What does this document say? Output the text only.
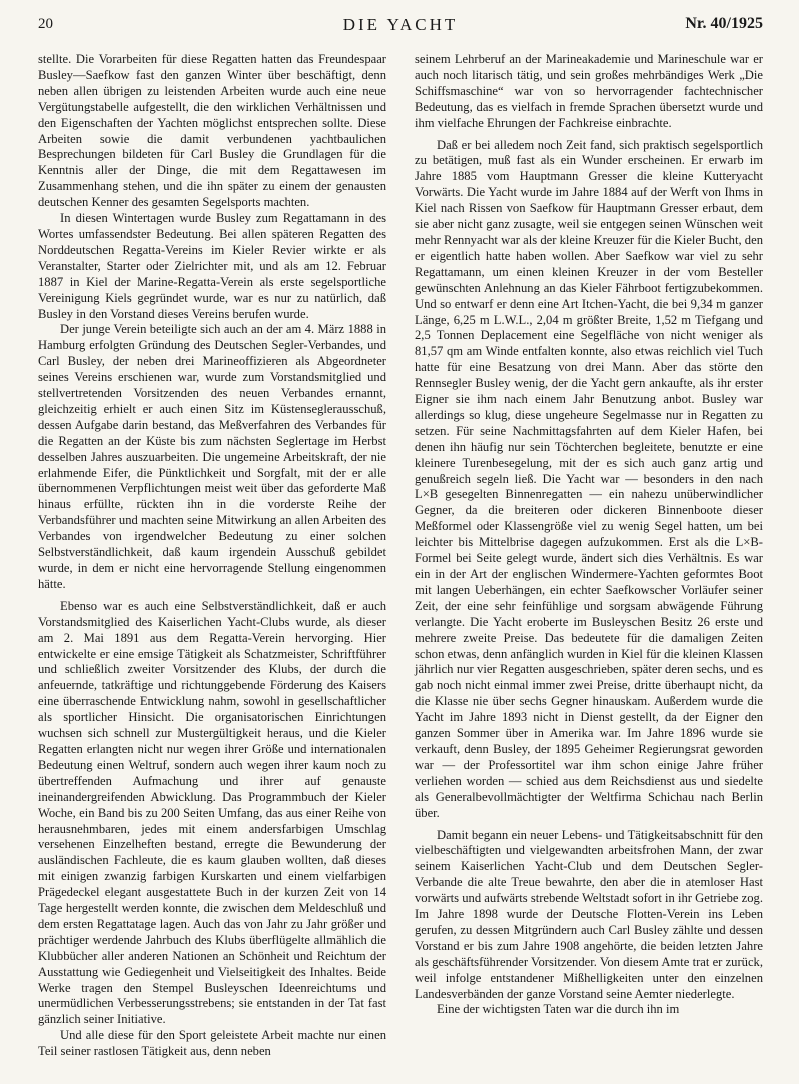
20	DIE YACHT	Nr. 40/1925

stellte. Die Vorarbeiten für diese Regatten hatten das Freundespaar Busley—Saefkow fast den ganzen Winter über beschäftigt, denn neben allen übrigen zu leistenden Arbeiten wurde auch eine neue Vergütungstabelle aufgestellt, die den wirklichen Verhältnissen und den Eigenschaften der Yachten möglichst entsprechen sollte. Diese Arbeiten sowie die damit verbundenen yachtbaulichen Besprechungen bildeten für Carl Busley die Grundlagen für die Kenntnis aller der Dinge, die mit dem Regattawesen im Zusammenhang stehen, und die ihn später zu einem der genausten deutschen Kenner des gesamten Segelsports machten.

In diesen Wintertagen wurde Busley zum Regattamann in des Wortes umfassendster Bedeutung. Bei allen späteren Regatten des Norddeutschen Regatta-Vereins im Kieler Revier wirkte er als Veranstalter, Starter oder Zielrichter mit, und als am 12. Februar 1887 in Kiel der Marine-Regatta-Verein als erste segelsportliche Vereinigung Kiels gegründet wurde, war es nur zu natürlich, daß Busley in den Vorstand dieses Vereins berufen wurde.

Der junge Verein beteiligte sich auch an der am 4. März 1888 in Hamburg erfolgten Gründung des Deutschen Segler-Verbandes, und Carl Busley, der neben drei Marineoffizieren als Abgeordneter seines Vereins erschienen war, wurde zum Vorstandsmitglied und stellvertretenden Vorsitzenden des neuen Verbandes ernannt, gleichzeitig erhielt er auch einen Sitz im Küstenseglerausschuß, dessen Aufgabe darin bestand, das Meßverfahren des Verbandes für die Regatten an der Küste bis zum nächsten Seglertage im Herbst desselben Jahres auszuarbeiten. Die ungemeine Arbeitskraft, der nie erlahmende Eifer, die Pünktlichkeit und Sorgfalt, mit der er alle übernommenen Verpflichtungen meist weit über das geforderte Maß hinaus erfüllte, rückten ihn in die vorderste Reihe der Verbandsführer und machten seine Mitwirkung an allen Arbeiten des Verbandes von irgendwelcher Bedeutung zu einer solchen Selbstverständlichkeit, daß kaum irgendein Ausschuß gebildet wurde, in dem er nicht eine hervorragende Stellung eingenommen hätte.

Ebenso war es auch eine Selbstverständlichkeit, daß er auch Vorstandsmitglied des Kaiserlichen Yacht-Clubs wurde, als dieser am 2. Mai 1891 aus dem Regatta-Verein hervorging. Hier entwickelte er eine emsige Tätigkeit als Schatzmeister, Schriftführer und schließlich zweiter Vorsitzender des Klubs, der durch die anfeuernde, tatkräftige und richtunggebende Förderung des Kaisers eine überraschende Entwicklung nahm, sowohl in gesellschaftlicher als sportlicher Hinsicht. Die organisatorischen Einrichtungen wuchsen sich schnell zur Mustergültigkeit heraus, und die Kieler Regatten erlangten nicht nur wegen ihrer Größe und internationalen Bedeutung einen Weltruf, sondern auch wegen ihrer kaum noch zu übertreffenden Aufmachung und ihrer auf genauste ineinandergreifenden Abwicklung. Das Programmbuch der Kieler Woche, ein Band bis zu 200 Seiten Umfang, das aus einer Reihe von herausnehmbaren, jedes mit einem andersfarbigen Umschlag versehenen Einzelheften bestand, erregte die Bewunderung der ausländischen Fachleute, die es kaum glauben wollten, daß dieses mit einigen zwanzig farbigen Kurskarten und einem vielfarbigen Prägedeckel elegant ausgestattete Buch in der kurzen Zeit von 14 Tage hergestellt werden konnte, die zwischen dem Meldeschluß und dem ersten Regattatage lagen. Auch das von Jahr zu Jahr größer und prächtiger werdende Jahrbuch des Klubs überflügelte allmählich die Klubbücher aller anderen Nationen an Schönheit und Reichtum der Ausstattung wie Gediegenheit und Vielseitigkeit des Inhaltes. Beide Werke tragen den Stempel Busleyschen Ideenreichtums und unermüdlichen Verbesserungsstrebens; sie entstanden in der Tat fast gänzlich seiner Initiative.

Und alle diese für den Sport geleistete Arbeit machte nur einen Teil seiner rastlosen Tätigkeit aus, denn neben

seinem Lehrberuf an der Marineakademie und Marineschule war er auch noch litarisch tätig, und sein großes mehrbändiges Werk „Die Schiffsmaschine“ war von so hervorragender fachtechnischer Bedeutung, das es vielfach in fremde Sprachen übersetzt wurde und ihm vielfache Ehrungen der Fachkreise einbrachte.

Daß er bei alledem noch Zeit fand, sich praktisch segelsportlich zu betätigen, muß fast als ein Wunder erscheinen. Er erwarb im Jahre 1885 vom Hauptmann Gresser die kleine Kutteryacht Vorwärts. Die Yacht wurde im Jahre 1884 auf der Werft von Ihms in Kiel nach Rissen von Saefkow für Hauptmann Gresser erbaut, dem sie aber nicht ganz zusagte, weil sie entgegen seinen Wünschen weit mehr Rennyacht war als der kleine Kreuzer für die Kieler Bucht, den er eigentlich hatte haben wollen. Aber Saefkow war viel zu sehr Regattamann, um einen kleinen Kreuzer in der vom Besteller gewünschten Anlehnung an das Kieler Fährboot fertigzubekommen. Und so entwarf er denn eine Art Itchen-Yacht, die bei 9,34 m ganzer Länge, 6,25 m L.W.L., 2,04 m größter Breite, 1,52 m Tiefgang und 2,5 Tonnen Deplacement eine Segelfläche von nicht weniger als 81,57 qm am Winde entfalten konnte, also etwas reichlich viel Tuch hatte für eine Besatzung von drei Mann. Aber das störte den Rennsegler Busley wenig, der die Yacht gern ankaufte, als ihr erster Eigner sie ihm nach einem Jahr Benutzung anbot. Busley war allerdings so klug, diese ungeheure Segelmasse nur in Regatten zu setzen. Für seine Nachmittagsfahrten auf dem Kieler Hafen, bei denen ihn häufig nur sein Töchterchen begleitete, benutzte er eine kleinere Turenbesegelung, mit der es sich auch ganz artig und genußreich segeln ließ. Die Yacht war — besonders in den nach L×B gesegelten Binnenregatten — ein nahezu unüberwindlicher Gegner, da die breiteren oder dickeren Binnenboote dieser Meßformel oder Klassengröße viel zu wenig Segel hatten, um bei leichter bis Mittelbrise dagegen aufzukommen. Erst als die L×B-Formel bei Seite gelegt wurde, ändert sich dies Verhältnis. Es war ein in der Art der englischen Windermere-Yachten geformtes Boot mit langen Ueberhängen, ein echter Saefkowscher Vorläufer seiner Zeit, der eine sehr feinfühlige und sorgsam abwägende Führung verlangte. Die Yacht eroberte im Busleyschen Besitz 26 erste und mehrere zweite Preise. Das bedeutete für die damaligen Zeiten schon etwas, denn anfänglich wurden in Kiel für die kleinen Klassen jährlich nur vier Regatten ausgeschrieben, später deren sechs, und es gab noch nicht einmal immer zwei Preise, dritte überhaupt nicht, da die Klasse nie über sechs Gegner hinauskam. Außerdem wurde die Yacht im Jahre 1893 nicht in Dienst gestellt, da der Eigner den ganzen Sommer über in Amerika war. Im Jahre 1896 wurde sie verkauft, denn Busley, der 1895 Geheimer Regierungsrat geworden war — der Professortitel war ihm schon einige Jahre früher verliehen worden — schied aus dem Reichsdienst aus und siedelte als Generalbevollmächtigter der Weltfirma Schichau nach Berlin über.

Damit begann ein neuer Lebens- und Tätigkeitsabschnitt für den vielbeschäftigten und vielgewandten arbeitsfrohen Mann, der zwar seinem Kaiserlichen Yacht-Club und dem Deutschen Segler-Verbande die alte Treue bewahrte, den aber die in atemloser Hast vorwärts und aufwärts strebende Weltstadt sofort in ihr Getriebe zog. Im Jahre 1898 wurde der Deutsche Flotten-Verein ins Leben gerufen, zu dessen Mitgründern auch Carl Busley zählte und dessen Vorstand er bis zum Jahre 1908 angehörte, die beiden letzten Jahre als geschäftsführender Vorsitzender. Von diesem Amte trat er zurück, weil infolge entstandener Mißhelligkeiten unter den einzelnen Landesverbänden der ganze Vorstand seine Aemter niederlegte.

Eine der wichtigsten Taten war die durch ihn im
